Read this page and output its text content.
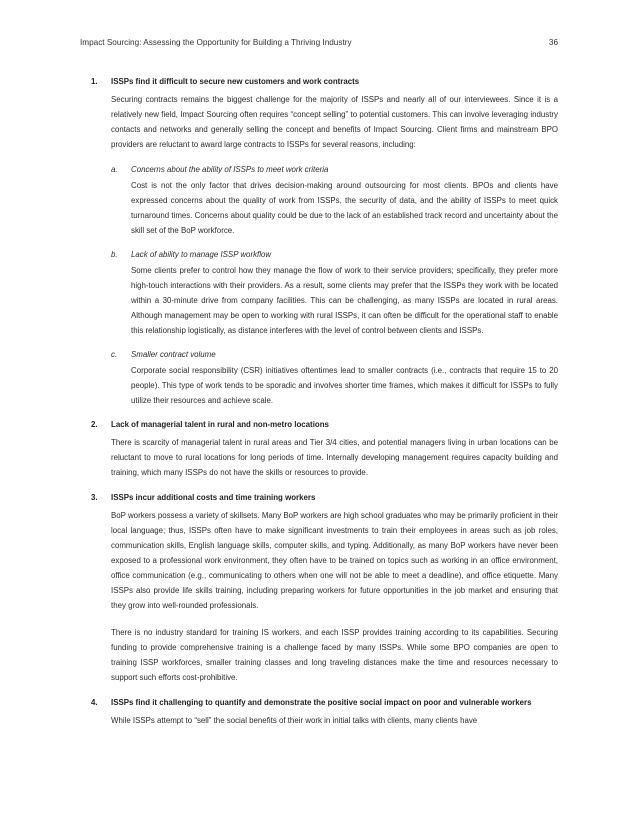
Impact Sourcing: Assessing the Opportunity for Building a Thriving Industry	36
1. ISSPs find it difficult to secure new customers and work contracts

Securing contracts remains the biggest challenge for the majority of ISSPs and nearly all of our interviewees. Since it is a relatively new field, Impact Sourcing often requires “concept selling” to potential customers. This can involve leveraging industry contacts and networks and generally selling the concept and benefits of Impact Sourcing. Client firms and mainstream BPO providers are reluctant to award large contracts to ISSPs for several reasons, including:

a. Concerns about the ability of ISSPs to meet work criteria

Cost is not the only factor that drives decision-making around outsourcing for most clients. BPOs and clients have expressed concerns about the quality of work from ISSPs, the security of data, and the ability of ISSPs to meet quick turnaround times. Concerns about quality could be due to the lack of an established track record and uncertainty about the skill set of the BoP workforce.

b. Lack of ability to manage ISSP workflow

Some clients prefer to control how they manage the flow of work to their service providers; specifically, they prefer more high-touch interactions with their providers. As a result, some clients may prefer that the ISSPs they work with be located within a 30-minute drive from company facilities. This can be challenging, as many ISSPs are located in rural areas. Although management may be open to working with rural ISSPs, it can often be difficult for the operational staff to enable this relationship logistically, as distance interferes with the level of control between clients and ISSPs.

c. Smaller contract volume

Corporate social responsibility (CSR) initiatives oftentimes lead to smaller contracts (i.e., contracts that require 15 to 20 people). This type of work tends to be sporadic and involves shorter time frames, which makes it difficult for ISSPs to fully utilize their resources and achieve scale.

2. Lack of managerial talent in rural and non-metro locations

There is scarcity of managerial talent in rural areas and Tier 3/4 cities, and potential managers living in urban locations can be reluctant to move to rural locations for long periods of time. Internally developing management requires capacity building and training, which many ISSPs do not have the skills or resources to provide.

3. ISSPs incur additional costs and time training workers

BoP workers possess a variety of skillsets. Many BoP workers are high school graduates who may be primarily proficient in their local language; thus, ISSPs often have to make significant investments to train their employees in areas such as job roles, communication skills, English language skills, computer skills, and typing. Additionally, as many BoP workers have never been exposed to a professional work environment, they often have to be trained on topics such as working in an office environment, office communication (e.g., communicating to others when one will not be able to meet a deadline), and office etiquette. Many ISSPs also provide life skills training, including preparing workers for future opportunities in the job market and ensuring that they grow into well-rounded professionals.

There is no industry standard for training IS workers, and each ISSP provides training according to its capabilities. Securing funding to provide comprehensive training is a challenge faced by many ISSPs. While some BPO companies are open to training ISSP workforces, smaller training classes and long traveling distances make the time and resources necessary to support such efforts cost-prohibitive.

4. ISSPs find it challenging to quantify and demonstrate the positive social impact on poor and vulnerable workers

While ISSPs attempt to “sell” the social benefits of their work in initial talks with clients, many clients have
